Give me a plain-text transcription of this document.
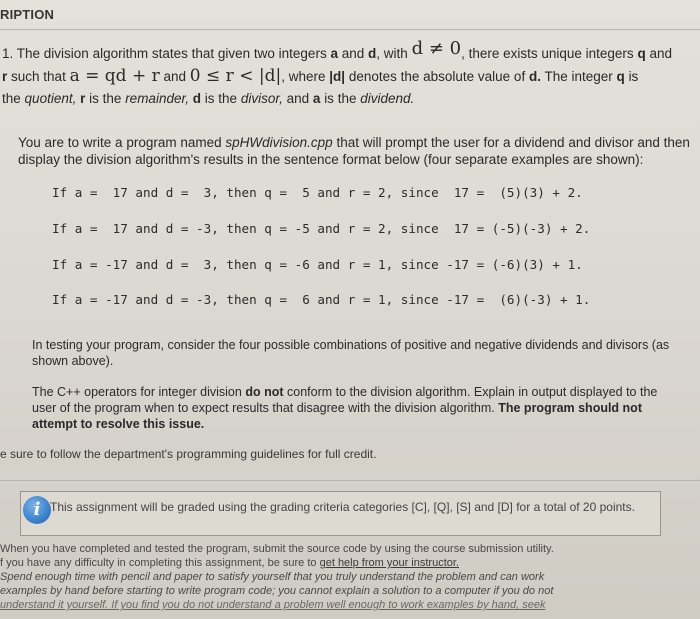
RIPTION
1. The division algorithm states that given two integers a and d, with d ≠ 0, there exists unique integers q and
r such that a = qd + r and 0 ≤ r < |d|, where |d| denotes the absolute value of d. The integer q is
the quotient, r is the remainder, d is the divisor, and a is the dividend.
You are to write a program named spHWdivision.cpp that will prompt the user for a dividend and divisor and then display the division algorithm's results in the sentence format below (four separate examples are shown):
If a =  17 and d =  3, then q =  5 and r = 2, since  17 =  (5)(3) + 2.
If a =  17 and d = -3, then q = -5 and r = 2, since  17 = (-5)(-3) + 2.
If a = -17 and d =  3, then q = -6 and r = 1, since -17 = (-6)(3) + 1.
If a = -17 and d = -3, then q =  6 and r = 1, since -17 =  (6)(-3) + 1.
In testing your program, consider the four possible combinations of positive and negative dividends and divisors (as shown above).
The C++ operators for integer division do not conform to the division algorithm. Explain in output displayed to the user of the program when to expect results that disagree with the division algorithm. The program should not attempt to resolve this issue.
e sure to follow the department's programming guidelines for full credit.
i This assignment will be graded using the grading criteria categories [C], [Q], [S] and [D] for a total of 20 points.
When you have completed and tested the program, submit the source code by using the course submission utility.
f you have any difficulty in completing this assignment, be sure to get help from your instructor.
Spend enough time with pencil and paper to satisfy yourself that you truly understand the problem and can work
examples by hand before starting to write program code; you cannot explain a solution to a computer if you do not
understand it yourself. If you find you do not understand a problem well enough to work examples by hand, seek
